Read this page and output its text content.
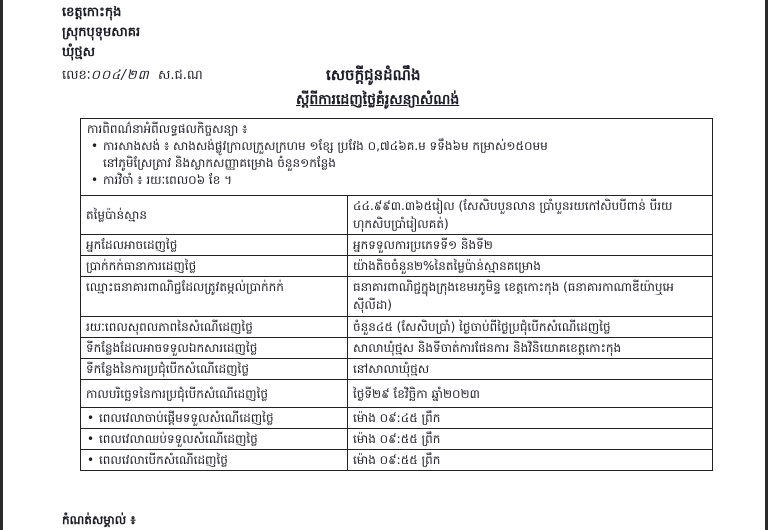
ខេត្តកោះកុង
ស្រុកបុទុមសាគរ
ឃុំថ្មស
លេខៈ០០៤/២៣ ស.ជ.ណ	សេចក្ដីជូនដំណឹង
ស្ដីពីការដេញថ្លៃគំរូសន្យាសំណង់
ការពិពណ៌នាអំពីលទ្ធផលកិច្ចសន្យា ៖
• ការសាងសង់ ៖ សាងសង់ផ្លូវក្រាលក្រួសក្រហម ១ខ្សែ ប្រវែង ០,៧៤៦គ.ម ទទឹង៦ម កម្រាស់១៥០មម
នៅភូមិស្រែត្រាវ និងស្លាកសញ្ញាគម្រោង ចំនួន១កន្លែង
• ការវិចាំ ៖ រយៈពេល០៦ ខែ ។
តម្លៃប៉ាន់ស្មាន	៤៤.៩៩៣.៣៦៥រៀល (សែសិបបួនលាន ប្រាំបួនរយកៅសិបបីពាន់ បីរយហុកសិបប្រាំរៀលគត់)
អ្នកដែលអាចដេញថ្លៃ	អ្នកទទួលការប្រភេទទី១ និងទី២
ប្រាក់កក់ធានាការដេញថ្លៃ	យ៉ាងតិចចំនួន២%នៃតម្លៃប៉ាន់ស្មានគម្រោង
ឈ្មោះធនាគារពាណិជ្ជដែលត្រូវតម្កល់ប្រាក់កក់	ធនាគារពាណិជ្ជក្នុងក្រុងខេមរភូមិន្ទ ខេត្តកោះកុង (ធនាគារកាណាឌីយ៉ាឬអេស៊ីលីដា)
រយៈពេលសុពលភាពនៃសំណើដេញថ្លៃ	ចំនួន៤៥ (សែសិបប្រាំ) ថ្ងៃចាប់ពីថ្ងៃប្រជុំបើកសំណើដេញថ្លៃ
ទីកន្លែងដែលអាចទទួលឯកសារដេញថ្លៃ	សាលាឃុំថ្មស និងទីចាត់ការផែនការ និងវិនិយោគខេត្តកោះកុង
ទីកន្លែងនៃការប្រជុំបើកសំណើដេញថ្លៃ	នៅសាលាឃុំថ្មស
កាលបរិច្ឆេទនៃការប្រជុំបើកសំណើដេញថ្លៃ	ថ្ងៃទី២៩ ខែវិច្ឆិកា ឆ្នាំ២០២៣
• ពេលវេលាចាប់ផ្ដើមទទួលសំណើដេញថ្លៃ	ម៉ោង ០៩:៤៥ ព្រឹក
• ពេលវេលាឈប់ទទួលសំណើដេញថ្លៃ	ម៉ោង ០៩:៥៥ ព្រឹក
• ពេលវេលាបើកសំណើដេញថ្លៃ	ម៉ោង ០៩:៥៥ ព្រឹក
កំណត់សម្គាល់ ៖
